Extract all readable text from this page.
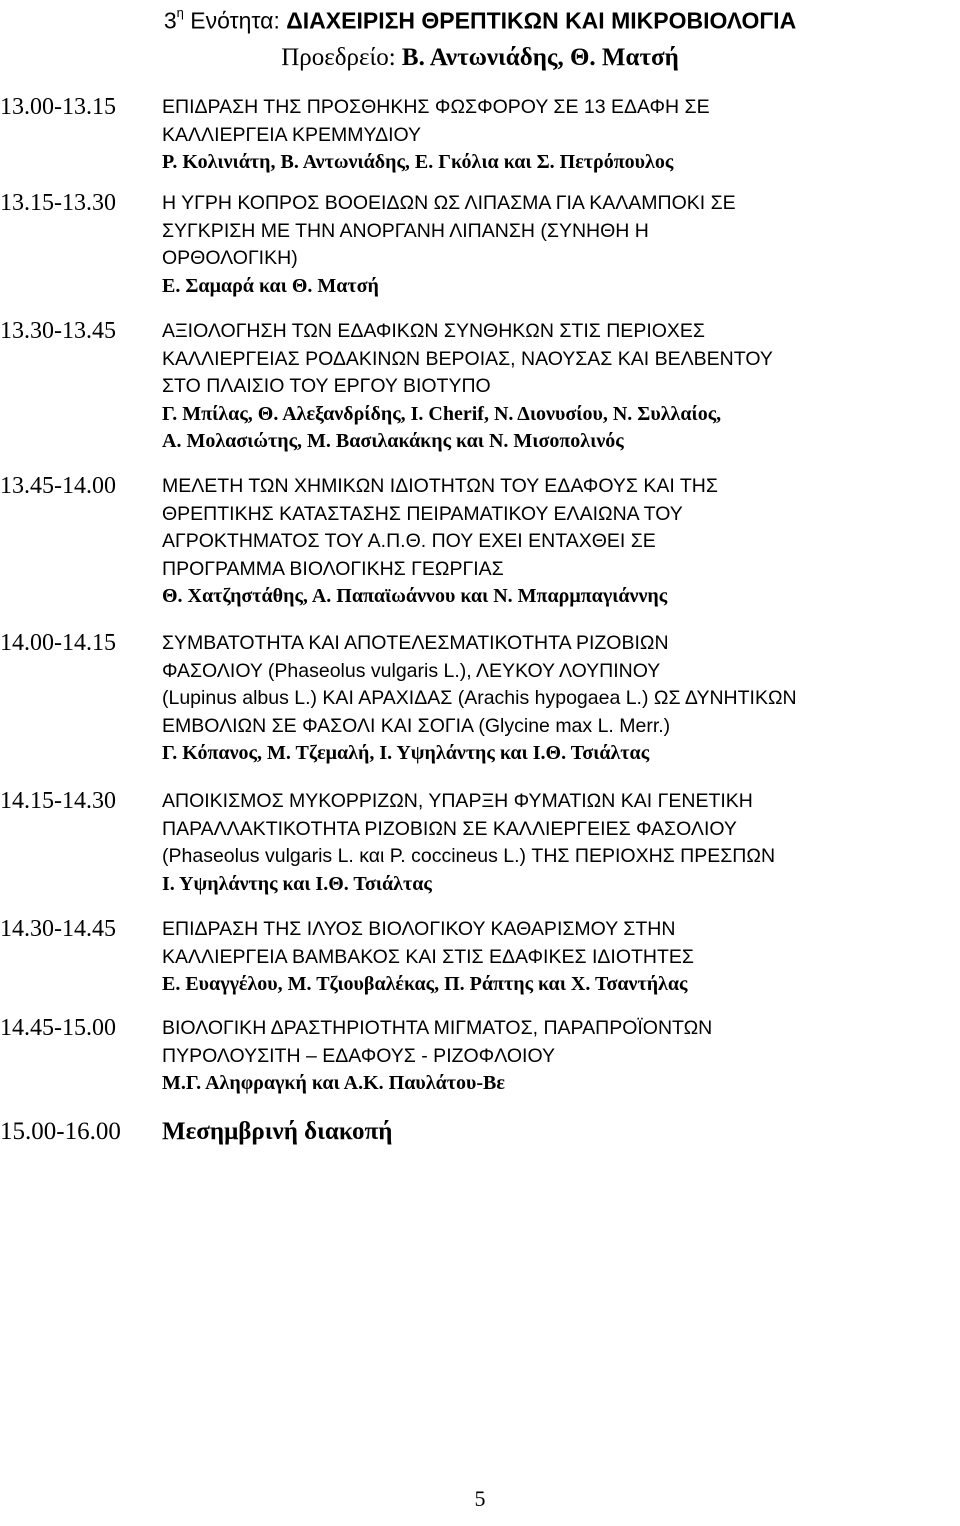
$3^\eta$ Ενότητα: ΔΙΑΧΕΙΡΙΣΗ ΘΡΕΠΤΙΚΩΝ ΚΑΙ ΜΙΚΡΟΒΙΟΛΟΓΙΑ
Προεδρείο: Β. Αντωνιάδης, Θ. Ματσή
13.00-13.15 ΕΠΙΔΡΑΣΗ ΤΗΣ ΠΡΟΣΘΗΚΗΣ ΦΩΣΦΟΡΟΥ ΣΕ 13 ΕΔΑΦΗ ΣΕ
ΚΑΛΛΙΕΡΓΕΙΑ ΚΡΕΜΜΥΔΙΟΥ
Ρ. Κολινιάτη, Β. Αντωνιάδης, Ε. Γκόλια και Σ. Πετρόπουλος
13.15-13.30 Η ΥΓΡΗ ΚΟΠΡΟΣ ΒΟΟΕΙΔΩΝ ΩΣ ΛΙΠΑΣΜΑ ΓΙΑ ΚΑΛΑΜΠΟΚΙ ΣΕ
ΣΥΓΚΡΙΣΗ ΜΕ ΤΗΝ ΑΝΟΡΓΑΝΗ ΛΙΠΑΝΣΗ (ΣΥΝΗΘΗ Η
ΟΡΘΟΛΟΓΙΚΗ)
Ε. Σαμαρά και Θ. Ματσή
13.30-13.45 ΑΞΙΟΛΟΓΗΣΗ ΤΩΝ ΕΔΑΦΙΚΩΝ ΣΥΝΘΗΚΩΝ ΣΤΙΣ ΠΕΡΙΟΧΕΣ
ΚΑΛΛΙΕΡΓΕΙΑΣ ΡΟΔΑΚΙΝΩΝ ΒΕΡΟΙΑΣ, ΝΑΟΥΣΑΣ ΚΑΙ ΒΕΛΒΕΝΤΟΥ
ΣΤΟ ΠΛΑΙΣΙΟ ΤΟΥ ΕΡΓΟΥ ΒΙΟΤΥΠΟ
Γ. Μπίλας, Θ. Αλεξανδρίδης, Ι. Cherif, Ν. Διονυσίου, Ν. Συλλαίος,
Α. Μολασιώτης, Μ. Βασιλακάκης και Ν. Μισοπολινός
13.45-14.00 ΜΕΛΕΤΗ ΤΩΝ ΧΗΜΙΚΩΝ ΙΔΙΟΤΗΤΩΝ ΤΟΥ ΕΔΑΦΟΥΣ ΚΑΙ ΤΗΣ
ΘΡΕΠΤΙΚΗΣ ΚΑΤΑΣΤΑΣΗΣ ΠΕΙΡΑΜΑΤΙΚΟΥ ΕΛΑΙΩΝΑ ΤΟΥ
ΑΓΡΟΚΤΗΜΑΤΟΣ ΤΟΥ Α.Π.Θ. ΠΟΥ ΕΧΕΙ ΕΝΤΑΧΘΕΙ ΣΕ
ΠΡΟΓΡΑΜΜΑ ΒΙΟΛΟΓΙΚΗΣ ΓΕΩΡΓΙΑΣ
Θ. Χατζηστάθης, Α. Παπαϊωάννου και Ν. Μπαρμπαγιάννης
14.00-14.15 ΣΥΜΒΑΤΟΤΗΤΑ ΚΑΙ ΑΠΟΤΕΛΕΣΜΑΤΙΚΟΤΗΤΑ ΡΙΖΟΒΙΩΝ
ΦΑΣΟΛΙΟΥ (Phaseolus vulgaris L.), ΛΕΥΚΟΥ ΛΟΥΠΙΝΟΥ
(Lupinus albus L.) ΚΑΙ ΑΡΑΧΙΔΑΣ (Arachis hypogaea L.) ΩΣ ΔΥΝΗΤΙΚΩΝ
ΕΜΒΟΛΙΩΝ ΣΕ ΦΑΣΟΛΙ ΚΑΙ ΣΟΓΙΑ (Glycine max L. Merr.)
Γ. Κόπανος, Μ. Τζεμαλή, Ι. Υψηλάντης και Ι.Θ. Τσιάλτας
14.15-14.30 ΑΠΟΙΚΙΣΜΟΣ ΜΥΚΟΡΡΙΖΩΝ, ΥΠΑΡΞΗ ΦΥΜΑΤΙΩΝ ΚΑΙ ΓΕΝΕΤΙΚΗ
ΠΑΡΑΛΛΑΚΤΙΚΟΤΗΤΑ ΡΙΖΟΒΙΩΝ ΣΕ ΚΑΛΛΙΕΡΓΕΙΕΣ ΦΑΣΟΛΙΟΥ
(Phaseolus vulgaris L. και P. coccineus L.) ΤΗΣ ΠΕΡΙΟΧΗΣ ΠΡΕΣΠΩΝ
Ι. Υψηλάντης και Ι.Θ. Τσιάλτας
14.30-14.45 ΕΠΙΔΡΑΣΗ ΤΗΣ ΙΛΥΟΣ ΒΙΟΛΟΓΙΚΟΥ ΚΑΘΑΡΙΣΜΟΥ ΣΤΗΝ
ΚΑΛΛΙΕΡΓΕΙΑ ΒΑΜΒΑΚΟΣ ΚΑΙ ΣΤΙΣ ΕΔΑΦΙΚΕΣ ΙΔΙΟΤΗΤΕΣ
Ε. Ευαγγέλου, Μ. Τζιουβαλέκας, Π. Ράπτης και Χ. Τσαντήλας
14.45-15.00 ΒΙΟΛΟΓΙΚΗ ΔΡΑΣΤΗΡΙΟΤΗΤΑ ΜΙΓΜΑΤΟΣ, ΠΑΡΑΠΡΟΪΟΝΤΩΝ
ΠΥΡΟΛΟΥΣΙΤΗ – ΕΔΑΦΟΥΣ - ΡΙΖΟΦΛΟΙΟΥ
Μ.Γ. Αληφραγκή και Α.Κ. Παυλάτου-Βε
15.00-16.00 Μεσημβρινή διακοπή
5
